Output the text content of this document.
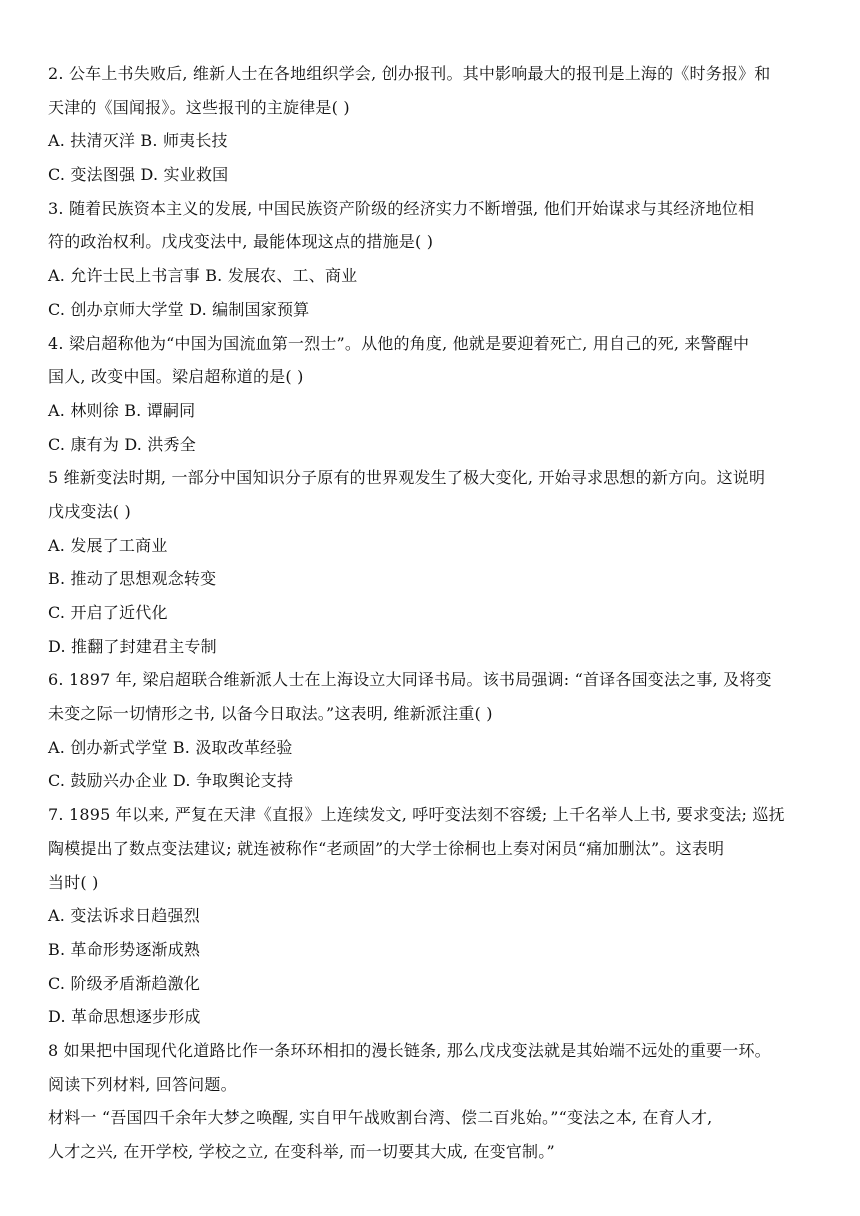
2. 公车上书失败后, 维新人士在各地组织学会, 创办报刊。其中影响最大的报刊是上海的《时务报》和
天津的《国闻报》。这些报刊的主旋律是( )
A. 扶清灭洋 B. 师夷长技
C. 变法图强 D. 实业救国
3. 随着民族资本主义的发展, 中国民族资产阶级的经济实力不断增强, 他们开始谋求与其经济地位相
符的政治权利。戊戌变法中, 最能体现这点的措施是( )
A. 允许士民上书言事 B. 发展农、工、商业
C. 创办京师大学堂 D. 编制国家预算
4. 梁启超称他为“中国为国流血第一烈士”。从他的角度, 他就是要迎着死亡, 用自己的死, 来警醒中
国人, 改变中国。梁启超称道的是( )
A. 林则徐 B. 谭嗣同
C. 康有为 D. 洪秀全
5 维新变法时期, 一部分中国知识分子原有的世界观发生了极大变化, 开始寻求思想的新方向。这说明
戊戌变法( )
A. 发展了工商业
B. 推动了思想观念转变
C. 开启了近代化
D. 推翻了封建君主专制
6. 1897 年, 梁启超联合维新派人士在上海设立大同译书局。该书局强调: “首译各国变法之事, 及将变
未变之际一切情形之书, 以备今日取法。”这表明, 维新派注重( )
A. 创办新式学堂 B. 汲取改革经验
C. 鼓励兴办企业 D. 争取舆论支持
7. 1895 年以来, 严复在天津《直报》上连续发文, 呼吁变法刻不容缓; 上千名举人上书, 要求变法; 巡抚
陶模提出了数点变法建议; 就连被称作“老顽固”的大学士徐桐也上奏对闲员“痛加删汰”。这表明
当时( )
A. 变法诉求日趋强烈
B. 革命形势逐渐成熟
C. 阶级矛盾渐趋激化
D. 革命思想逐步形成
8 如果把中国现代化道路比作一条环环相扣的漫长链条, 那么戊戌变法就是其始端不远处的重要一环。
阅读下列材料, 回答问题。
材料一 “吾国四千余年大梦之唤醒, 实自甲午战败割台湾、偿二百兆始。”“变法之本, 在育人才,
人才之兴, 在开学校, 学校之立, 在变科举, 而一切要其大成, 在变官制。”
